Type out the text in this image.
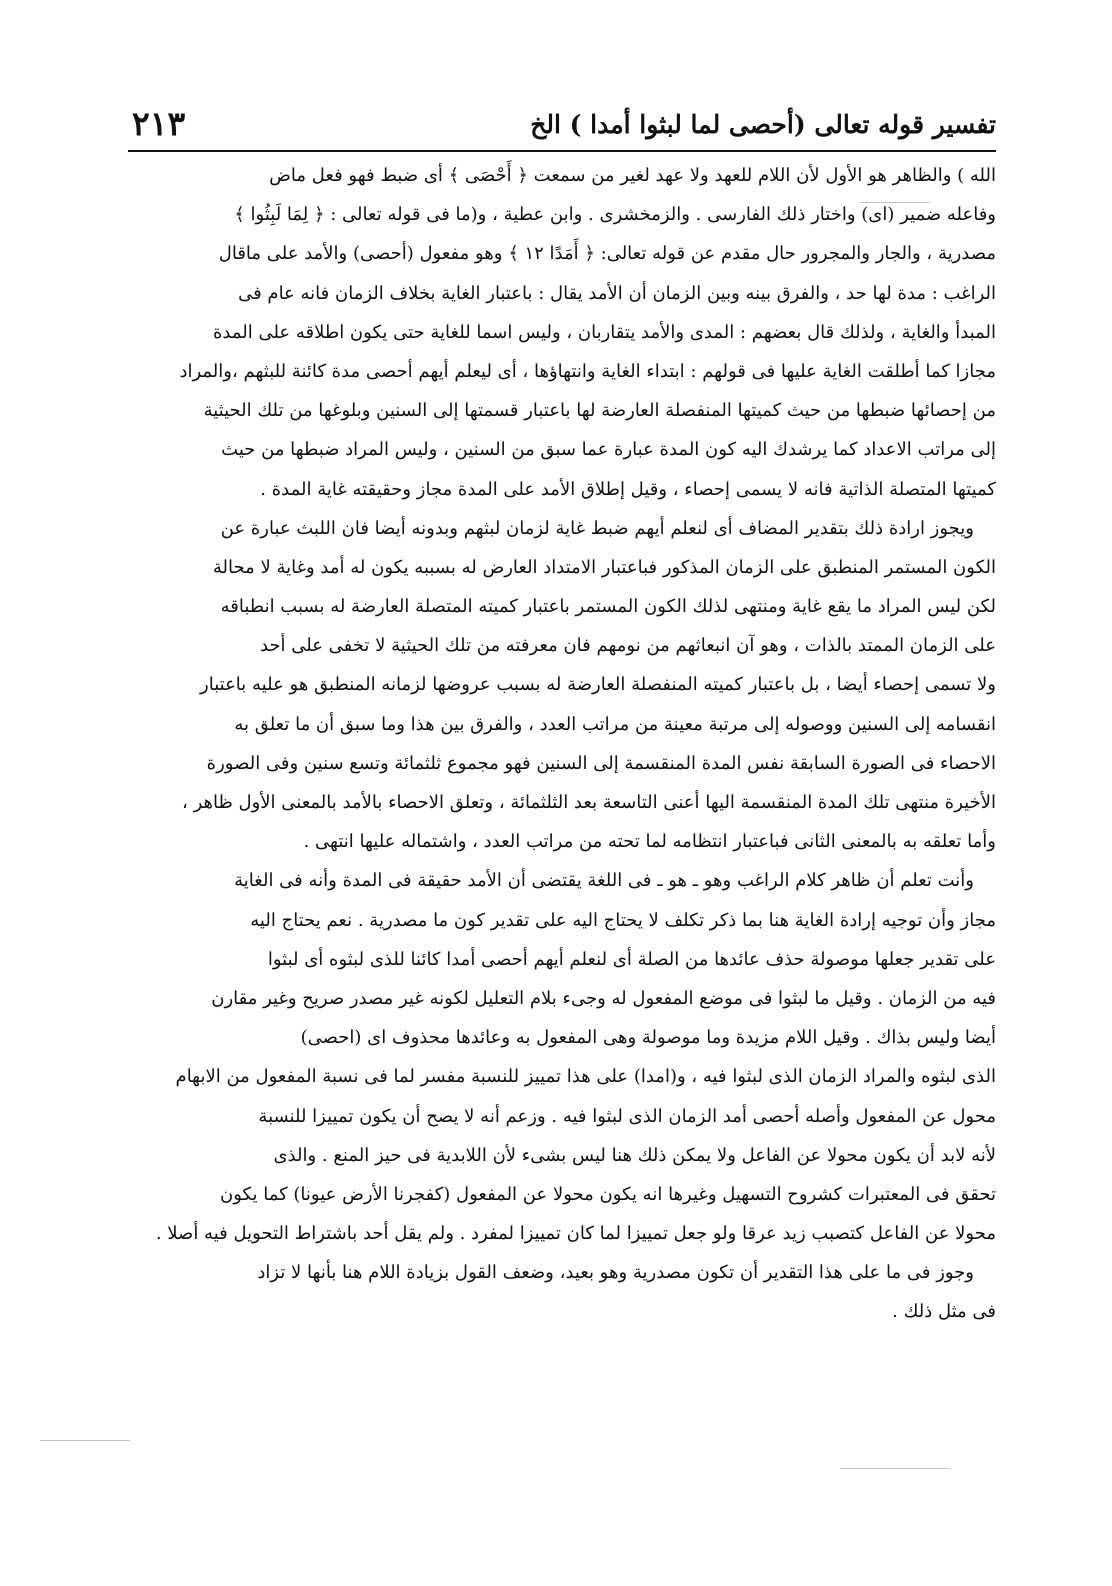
تفسير قوله تعالى (أحصى لما لبثوا أمدا ) الخ
٢١٣
الله ) والظاهر هو الأول لأن اللام للعهد ولا عهد لغير من سمعت ﴿ أَحْصَى ﴾ أى ضبط فهو فعل ماض
وفاعله ضمير (اى) واختار ذلك الفارسى . والزمخشرى . وابن عطية ، و(ما فى قوله تعالى : ﴿ لِمَا لَبِثُوا ﴾
مصدرية ، والجار والمجرور حال مقدم عن قوله تعالى: ﴿ أَمَدًا ١٢ ﴾ وهو مفعول (أحصى) والأمد على ماقال
الراغب : مدة لها حد ، والفرق بينه وبين الزمان أن الأمد يقال : باعتبار الغاية بخلاف الزمان فانه عام فى
المبدأ والغاية ، ولذلك قال بعضهم : المدى والأمد يتقاربان ، وليس اسما للغاية حتى يكون اطلاقه على المدة
مجازا كما أطلقت الغاية عليها فى قولهم : ابتداء الغاية وانتهاؤها ، أى ليعلم أيهم أحصى مدة كائنة للبثهم ،والمراد
من إحصائها ضبطها من حيث كميتها المنفصلة العارضة لها باعتبار قسمتها إلى السنين وبلوغها من تلك الحيثية
إلى مراتب الاعداد كما يرشدك اليه كون المدة عبارة عما سبق من السنين ، وليس المراد ضبطها من حيث
كميتها المتصلة الذاتية فانه لا يسمى إحصاء ، وقيل إطلاق الأمد على المدة مجاز وحقيقته غاية المدة .
ويجوز ارادة ذلك بتقدير المضاف أى لنعلم أيهم ضبط غاية لزمان لبثهم وبدونه أيضا فان اللبث عبارة عن
الكون المستمر المنطبق على الزمان المذكور فباعتبار الامتداد العارض له بسببه يكون له أمد وغاية لا محالة
لكن ليس المراد ما يقع غاية ومنتهى لذلك الكون المستمر باعتبار كميته المتصلة العارضة له بسبب انطباقه
على الزمان الممتد بالذات ، وهو آن انبعاثهم من نومهم فان معرفته من تلك الحيثية لا تخفى على أحد
ولا تسمى إحصاء أيضا ، بل باعتبار كميته المنفصلة العارضة له بسبب عروضها لزمانه المنطبق هو عليه باعتبار
انقسامه إلى السنين ووصوله إلى مرتبة معينة من مراتب العدد ، والفرق بين هذا وما سبق أن ما تعلق به
الاحصاء فى الصورة السابقة نفس المدة المنقسمة إلى السنين فهو مجموع ثلثمائة وتسع سنين وفى الصورة
الأخيرة منتهى تلك المدة المنقسمة اليها أعنى التاسعة بعد الثلثمائة ، وتعلق الاحصاء بالأمد بالمعنى الأول ظاهر ،
وأما تعلقه به بالمعنى الثانى فباعتبار انتظامه لما تحته من مراتب العدد ، واشتماله عليها انتهى .
وأنت تعلم أن ظاهر كلام الراغب وهو ـ هو ـ فى اللغة يقتضى أن الأمد حقيقة فى المدة وأنه فى الغاية
مجاز وأن توجيه إرادة الغاية هنا بما ذكر تكلف لا يحتاج اليه على تقدير كون ما مصدرية . نعم يحتاج اليه
على تقدير جعلها موصولة حذف عائدها من الصلة أى لنعلم أيهم أحصى أمدا كائنا للذى لبثوه أى لبثوا
فيه من الزمان . وقيل ما لبثوا فى موضع المفعول له وجىء بلام التعليل لكونه غير مصدر صريح وغير مقارن
أيضا وليس بذاك . وقيل اللام مزيدة وما موصولة وهى المفعول به وعائدها محذوف اى (احصى)
الذى لبثوه والمراد الزمان الذى لبثوا فيه ، و(امدا) على هذا تمييز للنسبة مفسر لما فى نسبة المفعول من الابهام
محول عن المفعول وأصله أحصى أمد الزمان الذى لبثوا فيه . وزعم أنه لا يصح أن يكون تمييزا للنسبة
لأنه لابد أن يكون محولا عن الفاعل ولا يمكن ذلك هنا ليس بشىء لأن اللابدية فى حيز المنع . والذى
تحقق فى المعتبرات كشروح التسهيل وغيرها انه يكون محولا عن المفعول (كفجرنا الأرض عيونا) كما يكون
محولا عن الفاعل كتصبب زيد عرقا ولو جعل تمييزا لما كان تمييزا لمفرد . ولم يقل أحد باشتراط التحويل فيه أصلا .
وجوز فى ما على هذا التقدير أن تكون مصدرية وهو بعيد، وضعف القول بزيادة اللام هنا بأنها لا تزاد
فى مثل ذلك .
